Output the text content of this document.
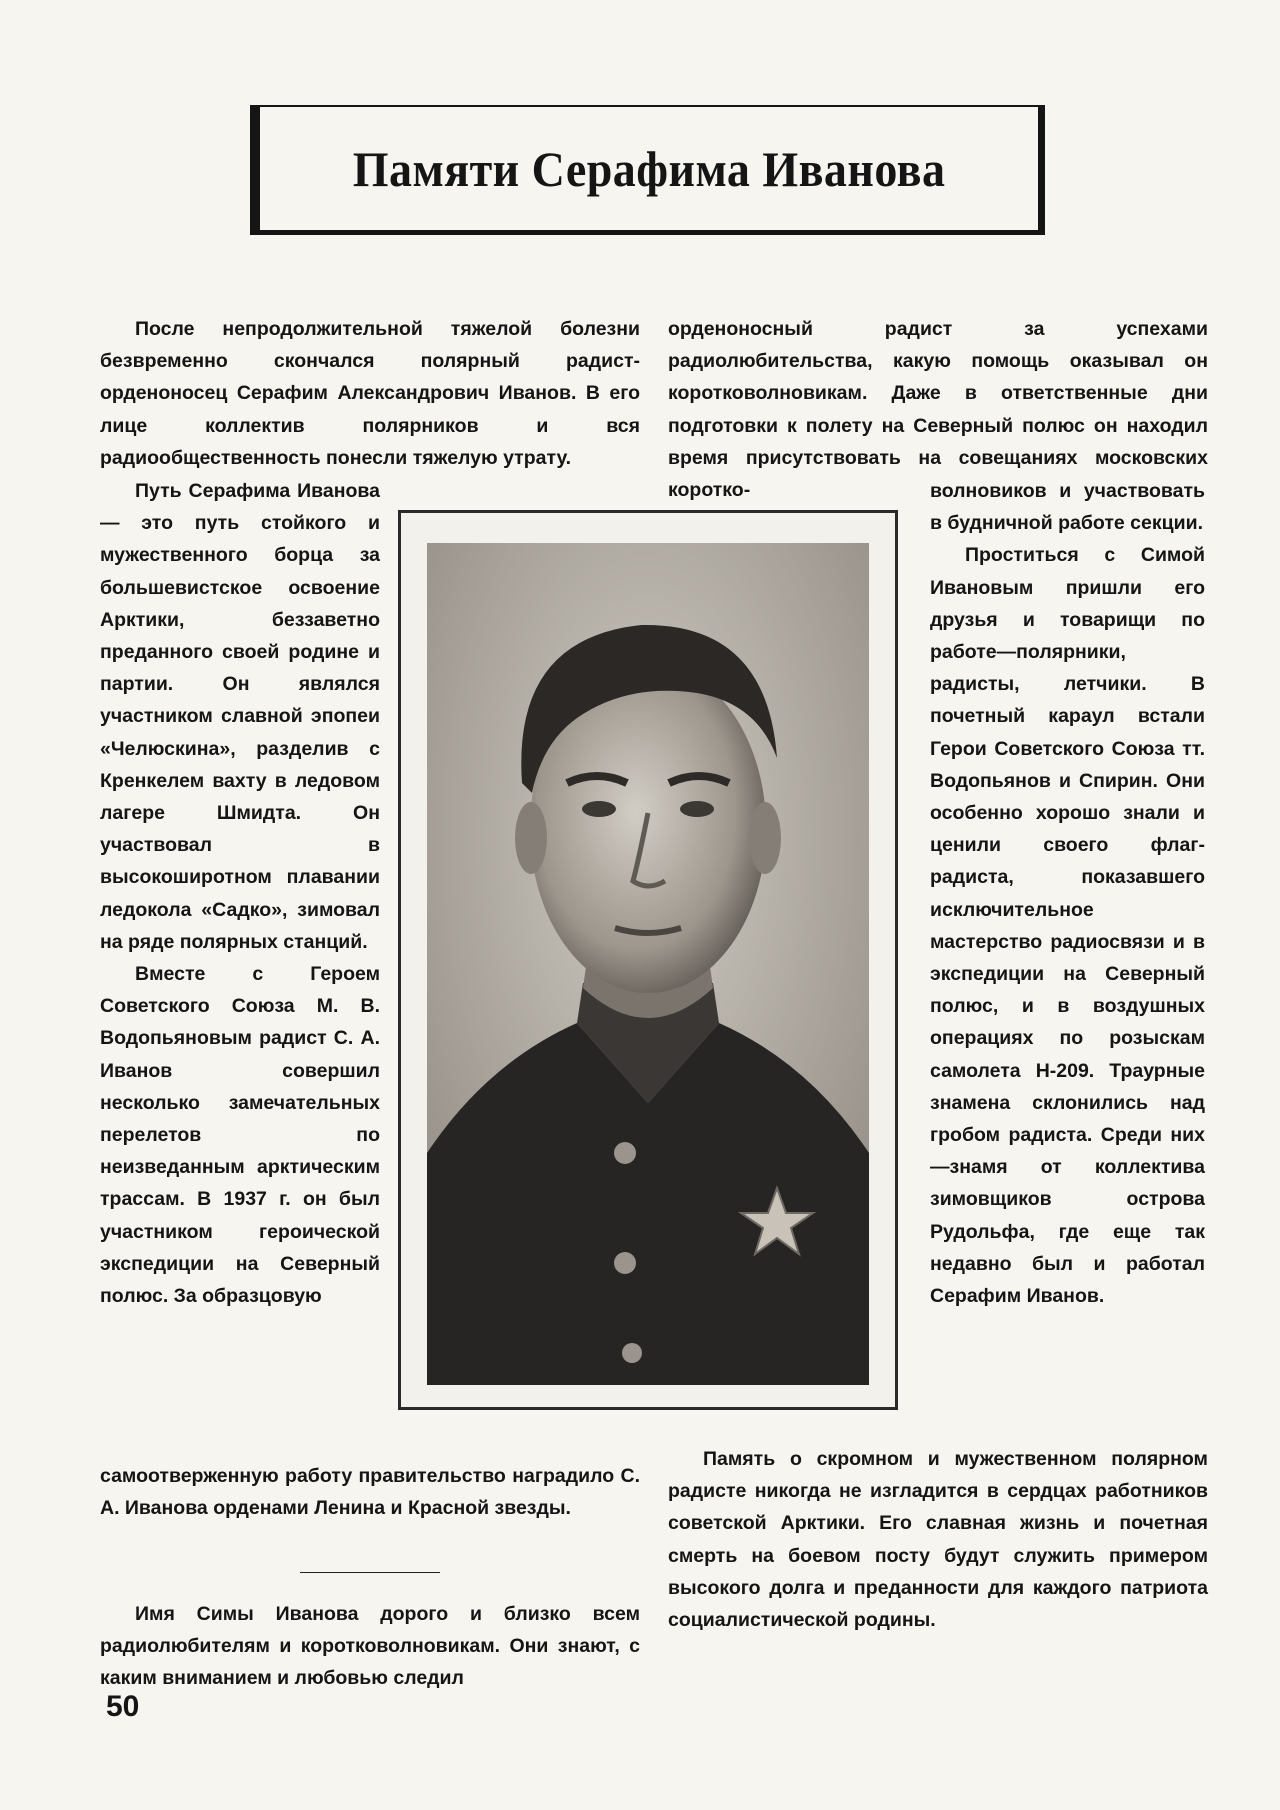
Памяти Серафима Иванова

После непродолжительной тяжелой болезни безвременно скончался полярный радист-орденоносец Серафим Александрович Иванов. В его лице коллектив полярников и вся радиообщественность понесли тяжелую утрату.

Путь Серафима Иванова — это путь стойкого и мужественного борца за большевистское освоение Арктики, беззаветно преданного своей родине и партии. Он являлся участником славной эпопеи «Челюскина», разделив с Кренкелем вахту в ледовом лагере Шмидта. Он участвовал в высокоширотном плавании ледокола «Садко», зимовал на ряде полярных станций.

Вместе с Героем Советского Союза М. В. Водопьяновым радист С. А. Иванов совершил несколько замечательных перелетов по неизведанным арктическим трассам. В 1937 г. он был участником героической экспедиции на Северный полюс. За образцовую

самоотверженную работу правительство наградило С. А. Иванова орденами Ленина и Красной звезды.

Имя Симы Иванова дорого и близко всем радиолюбителям и коротковолновикам. Они знают, с каким вниманием и любовью следил

орденоносный радист за успехами радиолюбительства, какую помощь оказывал он коротковолновикам. Даже в ответственные дни подготовки к полету на Северный полюс он находил время присутствовать на совещаниях московских коротко-	волновиков и участвовать в будничной работе секции.

Проститься с Симой Ивановым пришли его друзья и товарищи по работе—полярники, радисты, летчики. В почетный караул встали Герои Советского Союза тт. Водопьянов и Спирин. Они особенно хорошо знали и ценили своего флаг-радиста, показавшего исключительное мастерство радиосвязи и в экспедиции на Северный полюс, и в воздушных операциях по розыскам самолета Н-209. Траурные знамена склонились над гробом радиста. Среди них—знамя от коллектива зимовщиков острова Рудольфа, где еще так недавно был и работал Серафим Иванов.

Память о скромном и мужественном полярном радисте никогда не изгладится в сердцах работников советской Арктики. Его славная жизнь и почетная смерть на боевом посту будут служить примером высокого долга и преданности для каждого патриота социалистической родины.

50
